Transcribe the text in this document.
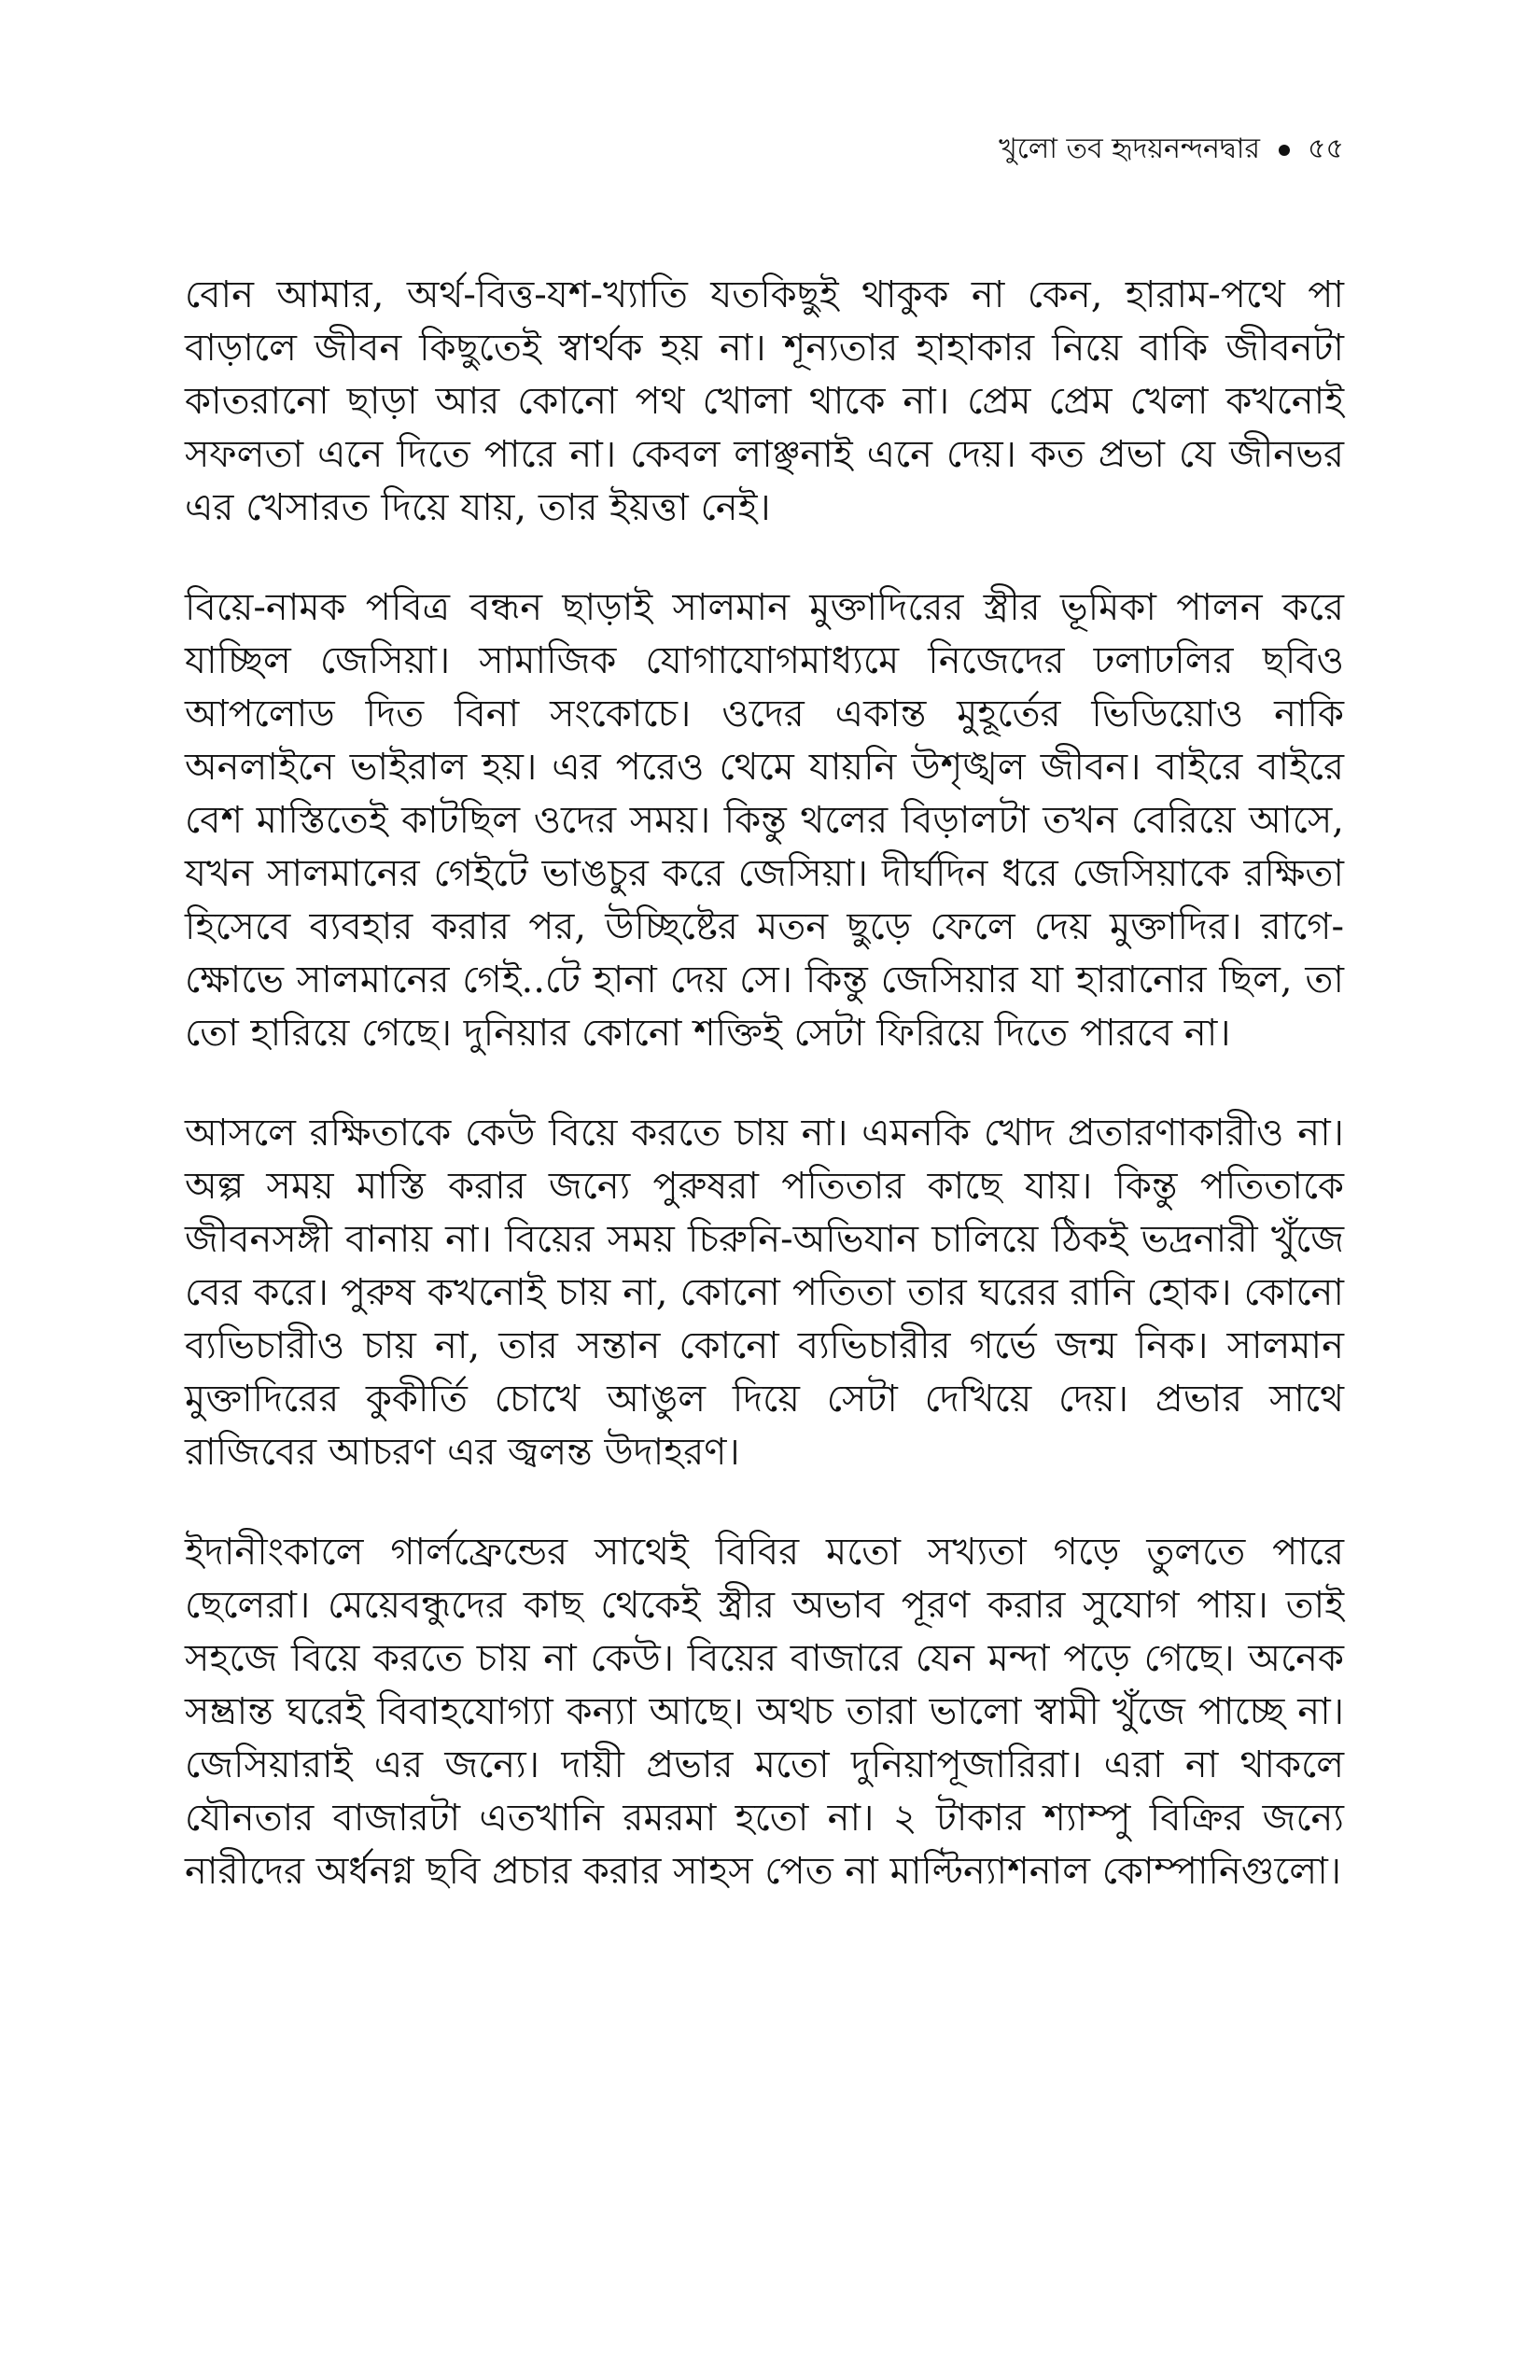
খুলো তব হৃদয়নন্দনদ্বার ৫৫

বোন আমার, অর্থ-বিত্ত-যশ-খ্যাতি যতকিছুই থাকুক না কেন, হারাম-পথে পা বাড়ালে জীবন কিছুতেই স্বার্থক হয় না। শূন্যতার হাহাকার নিয়ে বাকি জীবনটা কাতরানো ছাড়া আর কোনো পথ খোলা থাকে না। প্রেম প্রেম খেলা কখনোই সফলতা এনে দিতে পারে না। কেবল লাঞ্ছনাই এনে দেয়। কত প্রভা যে জীনভর এর খেসারত দিয়ে যায়, তার ইয়ত্তা নেই।

বিয়ে-নামক পবিত্র বন্ধন ছাড়াই সালমান মুক্তাদিরের স্ত্রীর ভূমিকা পালন করে যাচ্ছিল জেসিয়া। সামাজিক যোগাযোগমাধ্যমে নিজেদের ঢলাঢলির ছবিও আপলোড দিত বিনা সংকোচে। ওদের একান্ত মুহূর্তের ভিডিয়োও নাকি অনলাইনে ভাইরাল হয়। এর পরেও থেমে যায়নি উশৃঙ্খল জীবন। বাইরে বাইরে বেশ মাস্তিতেই কাটছিল ওদের সময়। কিন্তু থলের বিড়ালটা তখন বেরিয়ে আসে, যখন সালমানের গেইটে ভাঙচুর করে জেসিয়া। দীর্ঘদিন ধরে জেসিয়াকে রক্ষিতা হিসেবে ব্যবহার করার পর, উচ্ছিষ্টের মতন ছুড়ে ফেলে দেয় মুক্তাদির। রাগে-ক্ষোভে সালমানের গেই..টে হানা দেয় সে। কিন্তু জেসিয়ার যা হারানোর ছিল, তা তো হারিয়ে গেছে। দুনিয়ার কোনো শক্তিই সেটা ফিরিয়ে দিতে পারবে না।

আসলে রক্ষিতাকে কেউ বিয়ে করতে চায় না। এমনকি খোদ প্রতারণাকারীও না। অল্প সময় মাস্তি করার জন্যে পুরুষরা পতিতার কাছে যায়। কিন্তু পতিতাকে জীবনসঙ্গী বানায় না। বিয়ের সময় চিরুনি-অভিযান চালিয়ে ঠিকই ভদ্রনারী খুঁজে বের করে। পুরুষ কখনোই চায় না, কোনো পতিতা তার ঘরের রানি হোক। কোনো ব্যভিচারীও চায় না, তার সন্তান কোনো ব্যভিচারীর গর্ভে জন্ম নিক। সালমান মুক্তাদিরের কুকীর্তি চোখে আঙুল দিয়ে সেটা দেখিয়ে দেয়। প্রভার সাথে রাজিবের আচরণ এর জ্বলন্ত উদাহরণ।

ইদানীংকালে গার্লফ্রেন্ডের সাথেই বিবির মতো সখ্যতা গড়ে তুলতে পারে ছেলেরা। মেয়েবন্ধুদের কাছ থেকেই স্ত্রীর অভাব পূরণ করার সুযোগ পায়। তাই সহজে বিয়ে করতে চায় না কেউ। বিয়ের বাজারে যেন মন্দা পড়ে গেছে। অনেক সম্ভ্রান্ত ঘরেই বিবাহযোগ্যা কন্যা আছে। অথচ তারা ভালো স্বামী খুঁজে পাচ্ছে না। জেসিয়ারাই এর জন্যে। দায়ী প্রভার মতো দুনিয়াপূজারিরা। এরা না থাকলে যৌনতার বাজারটা এতখানি রমরমা হতো না। ২ টাকার শ্যাম্পু বিক্রির জন্যে নারীদের অর্ধনগ্ন ছবি প্রচার করার সাহস পেত না মাল্টিন্যাশনাল কোম্পানিগুলো।
